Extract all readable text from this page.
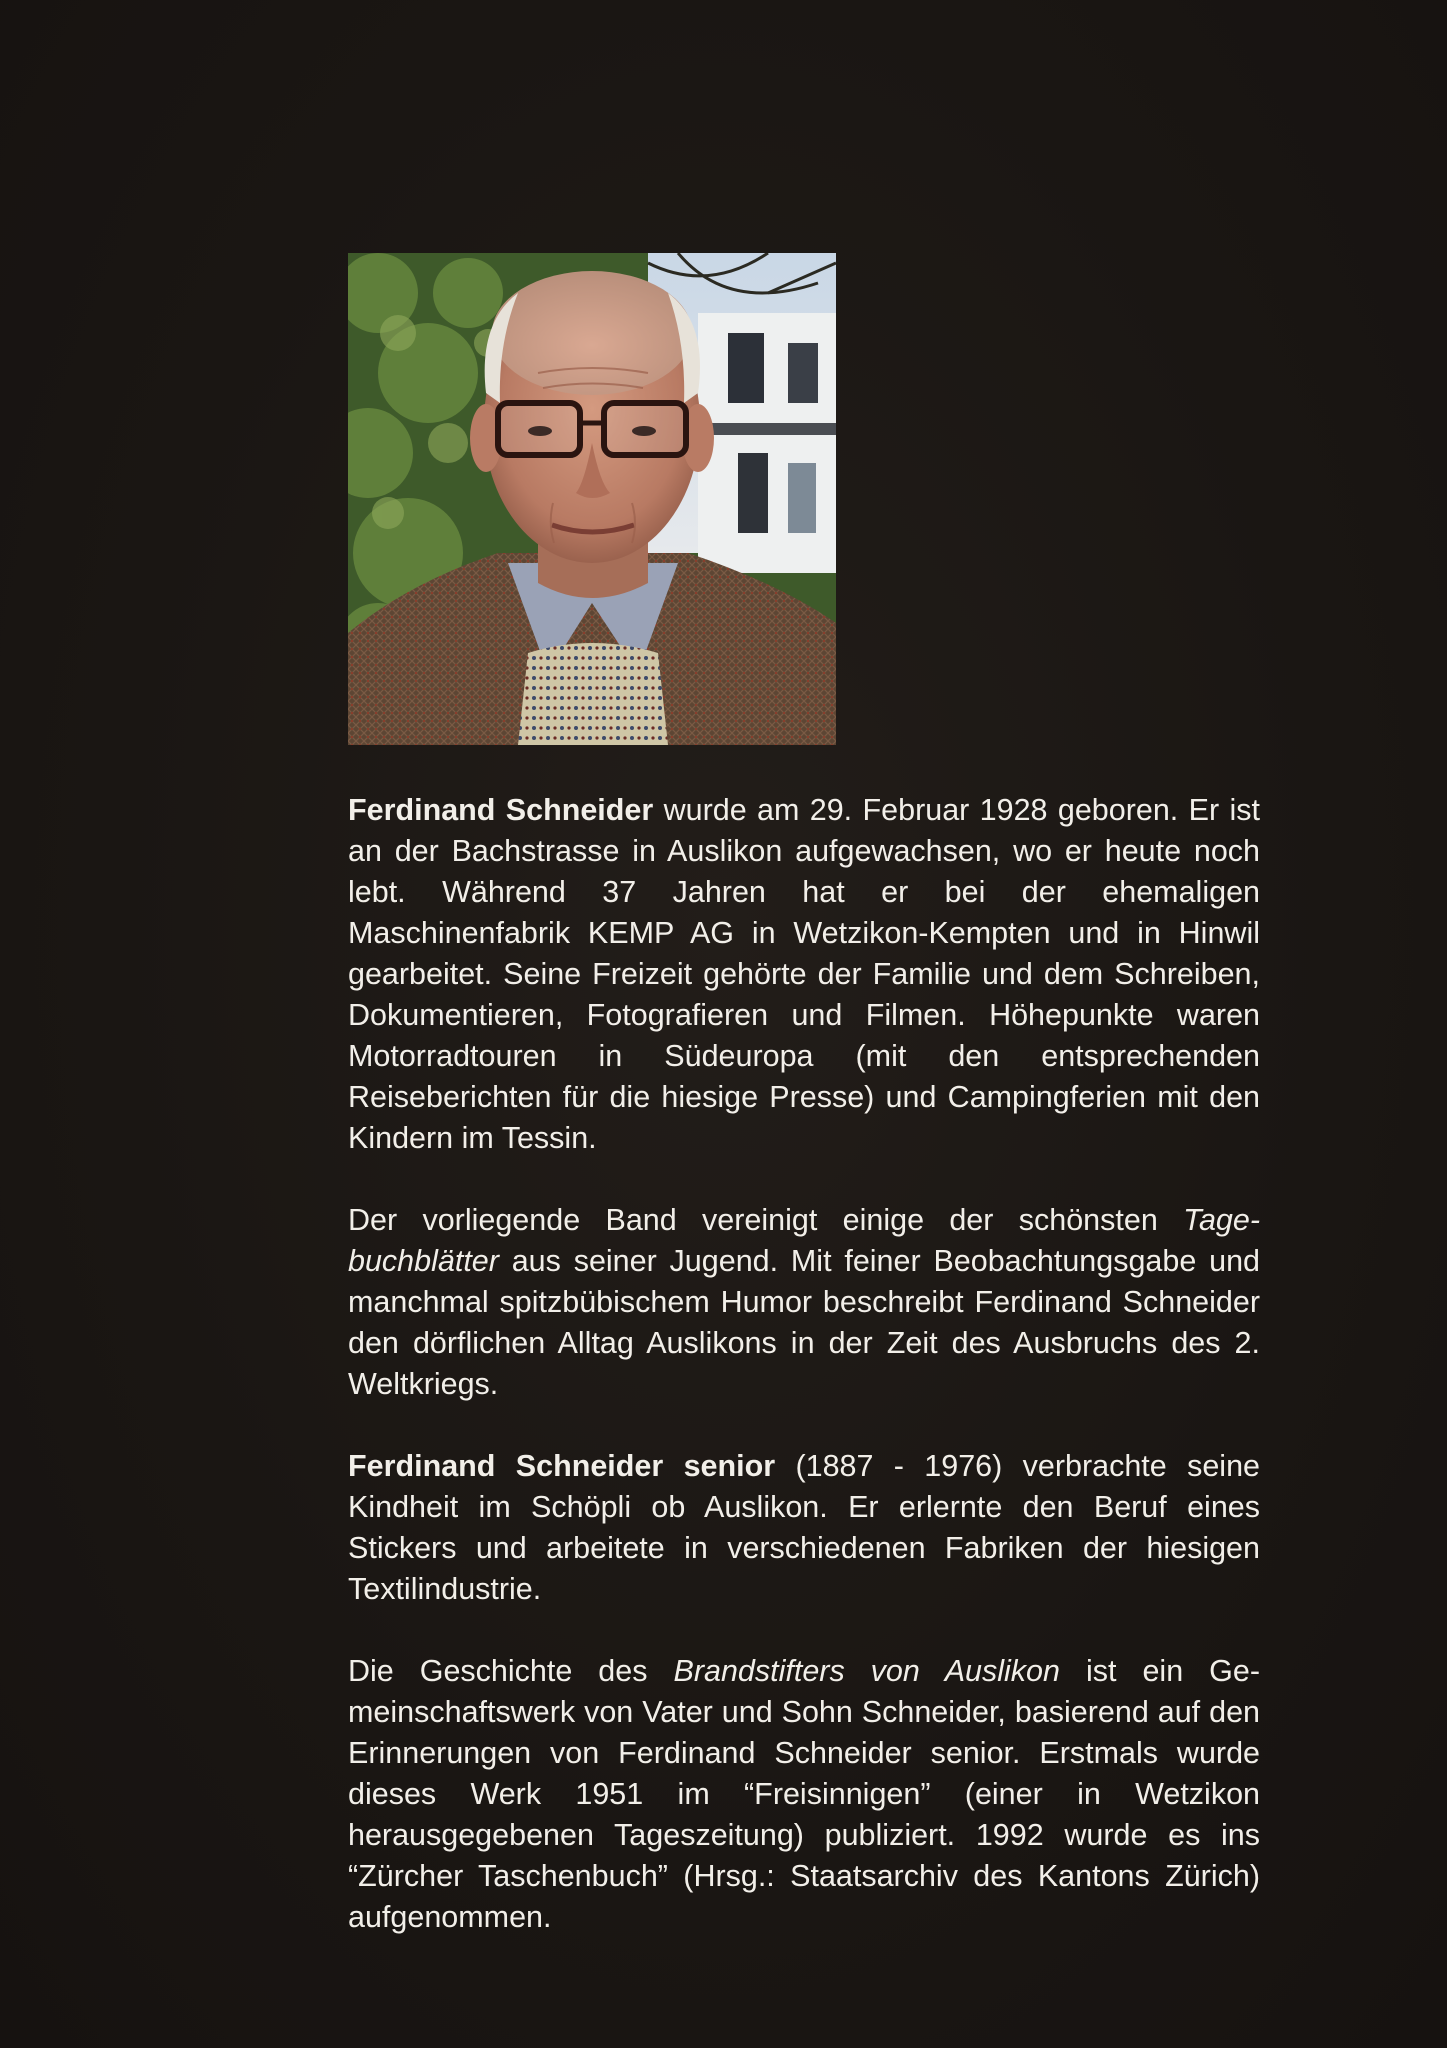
Ferdinand Schneider wurde am 29. Februar 1928 geboren. Er ist an der Bachstrasse in Auslikon aufgewachsen, wo er heute noch lebt. Während 37 Jahren hat er bei der ehemaligen Maschinenfabrik KEMP AG in Wetzikon-Kempten und in Hinwil gearbeitet. Seine Freizeit gehörte der Familie und dem Schreiben, Dokumentieren, Fotografieren und Filmen. Höhepunkte waren Motorradtouren in Südeuropa (mit den entsprechenden Reiseberichten für die hiesige Presse) und Campingferien mit den Kindern im Tessin.

Der vorliegende Band vereinigt einige der schönsten Tagebuchblätter aus seiner Jugend. Mit feiner Beobachtungsgabe und manchmal spitzbübischem Humor beschreibt Ferdinand Schneider den dörflichen Alltag Auslikons in der Zeit des Ausbruchs des 2. Weltkriegs.

Ferdinand Schneider senior (1887 - 1976) verbrachte seine Kindheit im Schöpli ob Auslikon. Er erlernte den Beruf eines Stickers und arbeitete in verschiedenen Fabriken der hiesigen Textilindustrie.

Die Geschichte des Brandstifters von Auslikon ist ein Gemeinschaftswerk von Vater und Sohn Schneider, basierend auf den Erinnerungen von Ferdinand Schneider senior. Erstmals wurde dieses Werk 1951 im “Freisinnigen” (einer in Wetzikon herausgegebenen Tageszeitung) publiziert. 1992 wurde es ins “Zürcher Taschenbuch” (Hrsg.: Staatsarchiv des Kantons Zürich) aufgenommen.
